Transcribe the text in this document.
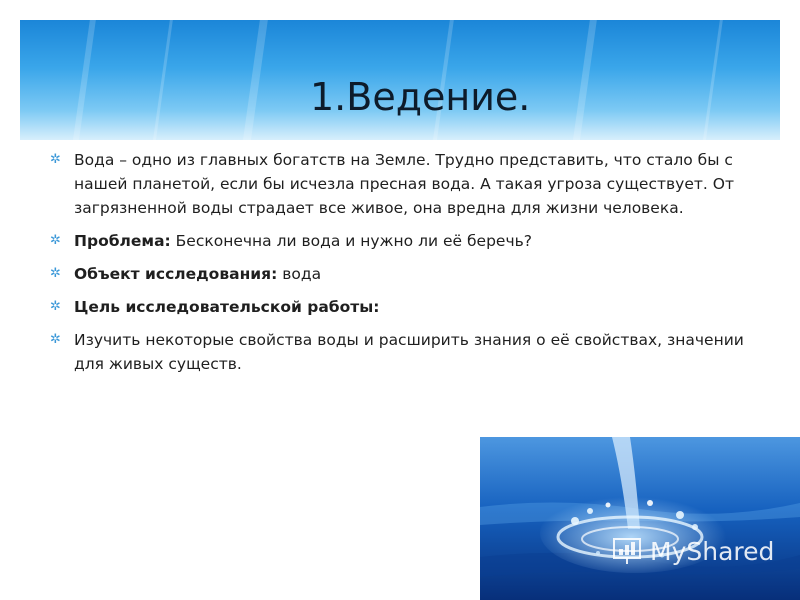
1.Ведение.
✲ Вода – одно из главных богатств на Земле. Трудно представить, что стало бы с нашей планетой, если бы исчезла пресная вода. А такая угроза существует. От загрязненной воды страдает все живое, она вредна для жизни человека.
✲ Проблема: Бесконечна ли вода и нужно ли её беречь?
✲ Объект исследования: вода
✲ Цель исследовательской работы:
✲ Изучить некоторые свойства воды и расширить знания о её свойствах, значении для живых существ.
MyShared
